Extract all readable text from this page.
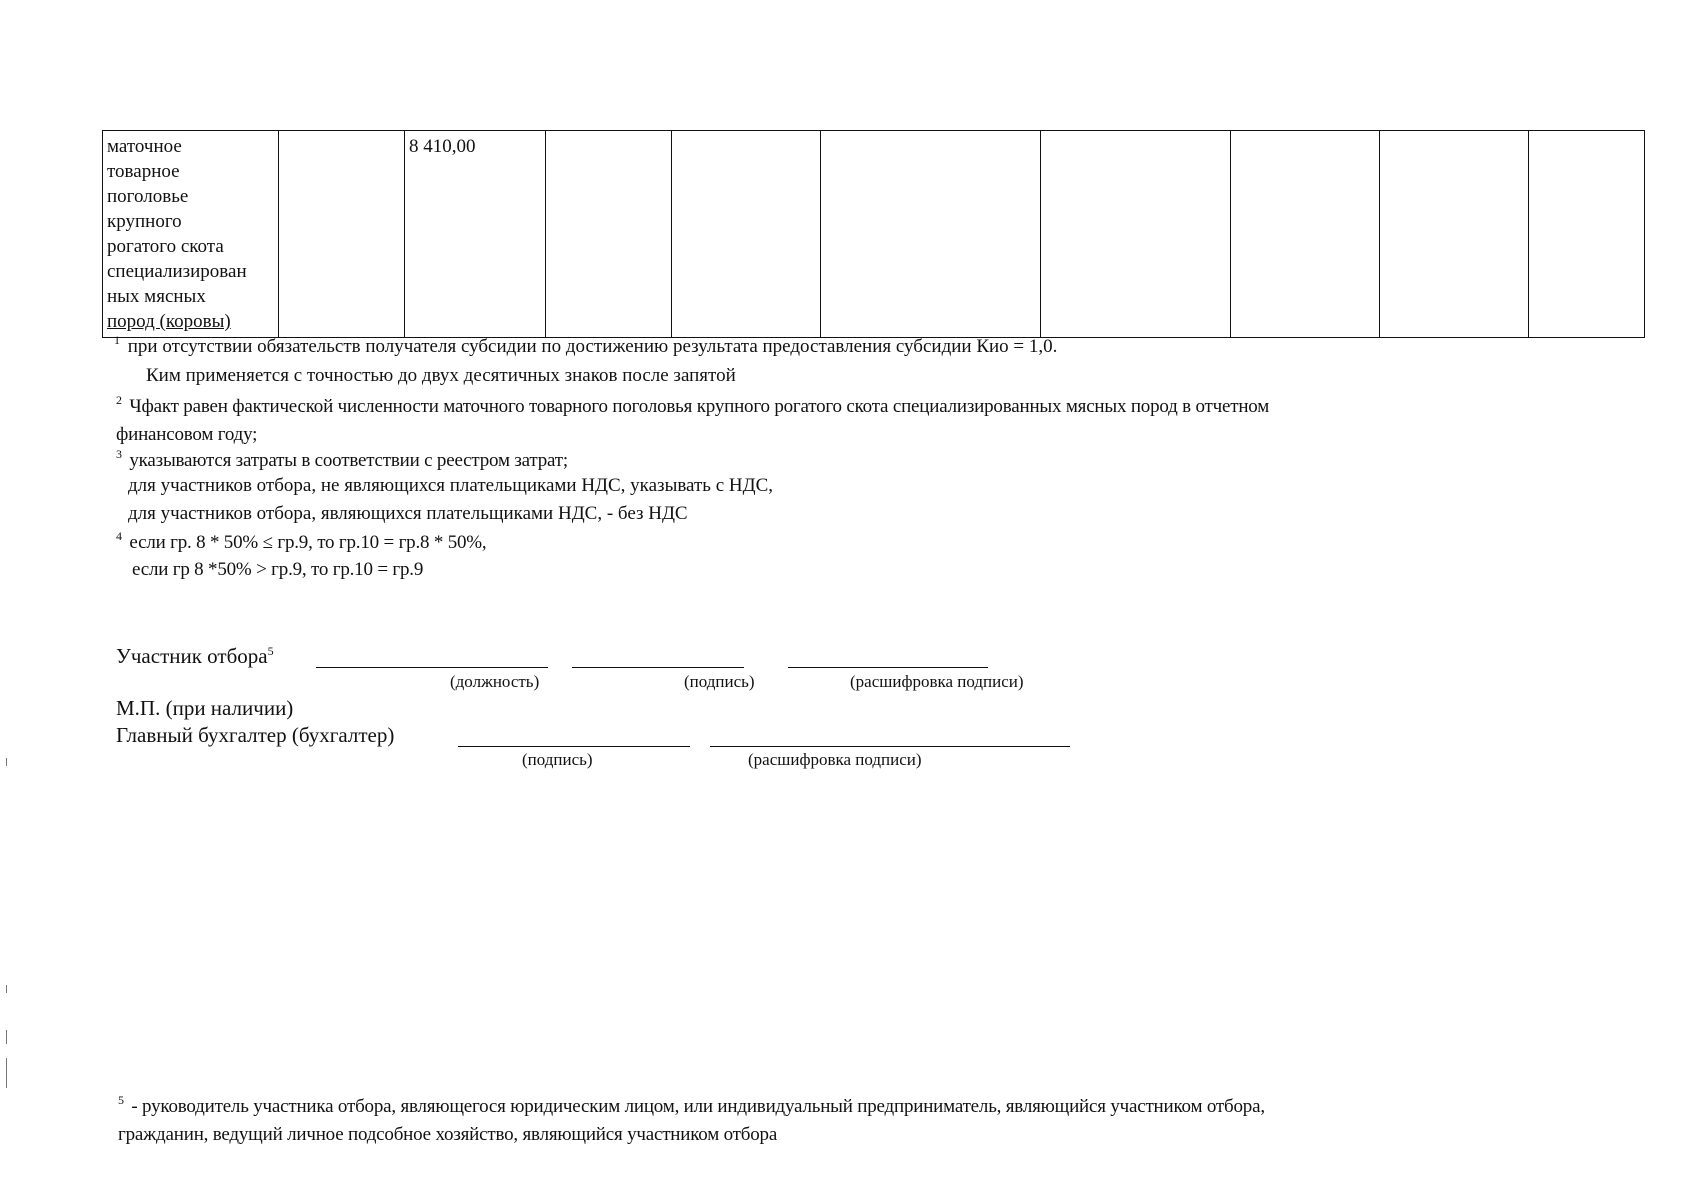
маточное
товарное
поголовье
крупного
рогатого скота
специализирован
ных мясных
пород (коровы)
		8 410,00							
$^1$ при отсутствии обязательств получателя субсидии по достижению результата предоставления субсидии Кио = 1,0.
Ким применяется с точностью до двух десятичных знаков после запятой
$^2$ Чфакт равен фактической численности маточного товарного поголовья крупного рогатого скота специализированных мясных пород в отчетном
финансовом году;
$^3$ указываются затраты в соответствии с реестром затрат;
для участников отбора, не являющихся плательщиками НДС, указывать с НДС,
для участников отбора, являющихся плательщиками НДС, - без НДС
$^4$ если гр. 8 * 50% ≤ гр.9, то гр.10 = гр.8 * 50%,
если гр 8 *50% > гр.9, то гр.10 = гр.9
Участник отбора$^5$
(должность)	(подпись)	(расшифровка подписи)
М.П. (при наличии)
Главный бухгалтер (бухгалтер)
(подпись)	(расшифровка подписи)
$^5$ - руководитель участника отбора, являющегося юридическим лицом, или индивидуальный предприниматель, являющийся участником отбора,
гражданин, ведущий личное подсобное хозяйство, являющийся участником отбора
